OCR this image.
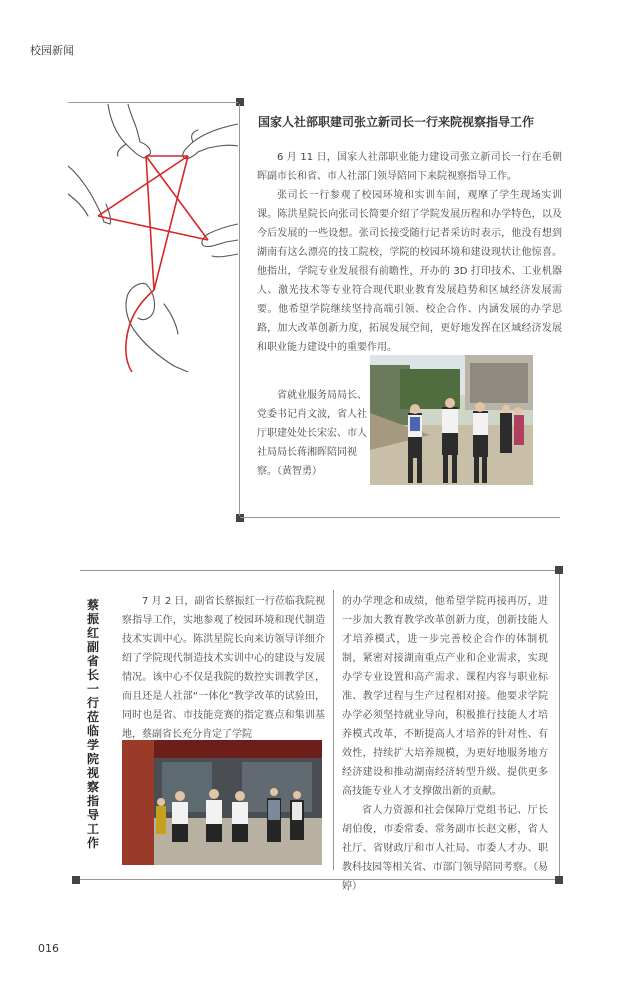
校园新闻
016
国家人社部职建司张立新司长一行来院视察指导工作

6 月 11 日，国家人社部职业能力建设司张立新司长一行在毛朝晖副市长和省、市人社部门领导陪同下来院视察指导工作。

张司长一行参观了校园环境和实训车间，观摩了学生现场实训课。陈洪星院长向张司长简要介绍了学院发展历程和办学特色，以及今后发展的一些设想。张司长接受随行记者采访时表示，他没有想到湖南有这么漂亮的技工院校，学院的校园环境和建设现状让他惊喜。他指出，学院专业发展很有前瞻性，开办的 3D 打印技术、工业机器人、激光技术等专业符合现代职业教育发展趋势和区域经济发展需要。他希望学院继续坚持高端引领、校企合作、内涵发展的办学思路，加大改革创新力度，拓展发展空间，更好地发挥在区域经济发展和职业能力建设中的重要作用。

省就业服务局局长、党委书记肖文波，省人社厅职建处处长宋宏、市人社局局长蒋湘晖陪同视察。（黄智勇）

蔡振红副省长一行莅临学院视察指导工作

7 月 2 日，副省长蔡振红一行莅临我院视察指导工作，实地参观了校园环境和现代制造技术实训中心。陈洪星院长向来访领导详细介绍了学院现代制造技术实训中心的建设与发展情况。该中心不仅是我院的数控实训教学区，而且还是人社部“一体化”教学改革的试验田，同时也是省、市技能竞赛的指定赛点和集训基地，蔡副省长充分肯定了学院

的办学理念和成绩，他希望学院再接再厉，进一步加大教育教学改革创新力度，创新技能人才培养模式，进一步完善校企合作的体制机制，紧密对接湖南重点产业和企业需求，实现办学专业设置和高产需求、课程内容与职业标准、教学过程与生产过程相对接。他要求学院办学必须坚持就业导向，积极推行技能人才培养模式改革，不断提高人才培养的针对性、有效性，持续扩大培养规模，为更好地服务地方经济建设和推动湖南经济转型升级、提供更多高技能专业人才支撑做出新的贡献。

省人力资源和社会保障厅党组书记、厅长胡伯俊，市委常委、常务副市长赵文彬，省人社厅、省财政厅和市人社局、市委人才办、职教科技园等相关省、市部门领导陪同考察。（易婷）
